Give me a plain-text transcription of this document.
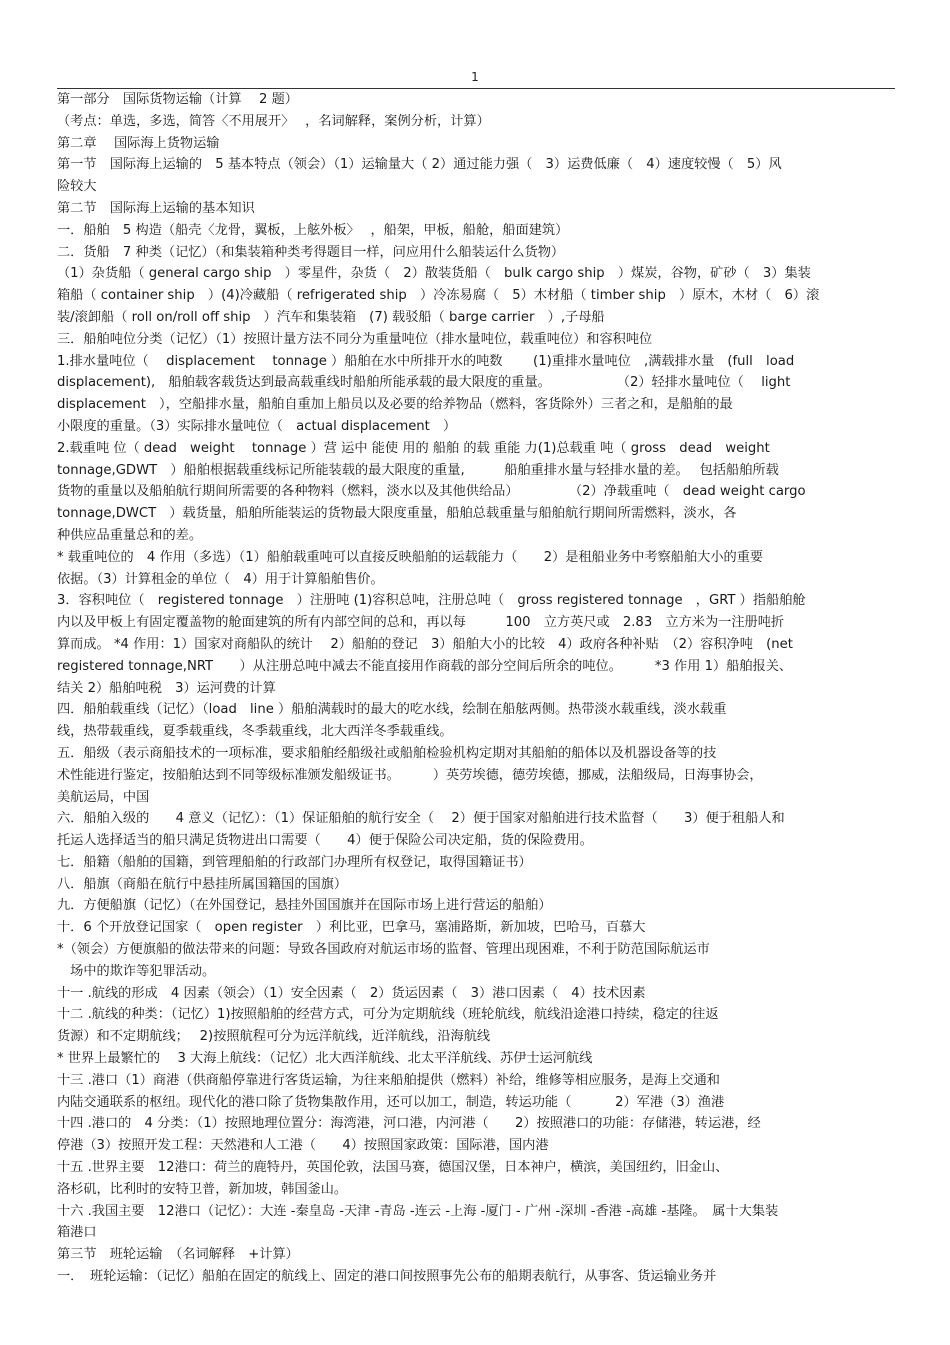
1
第一部分　国际货物运输（计算　 2 题）
（考点：单选，多选，简答〈不用展开〉　 ，名词解释，案例分析，计算）
第二章　 国际海上货物运输
第一节　国际海上运输的　5 基本特点（领会）（1）运输量大（ 2）通过能力强（　3）运费低廉（　4）速度较慢（　5）风
险较大
第二节　国际海上运输的基本知识
一．船舶　5 构造（船壳〈龙骨，翼板，上舷外板〉　 ，船架，甲板，船舱，船面建筑）
二．货船　7 种类（记忆）（和集装箱种类考得题目一样，问应用什么船装运什么货物）
（1）杂货船（ general cargo ship　）零星件，杂货（　2）散装货船（　bulk cargo ship　）煤炭，谷物，矿砂（　3）集装
箱船（ container ship　）(4)冷藏船（ refrigerated ship　）冷冻易腐（　5）木材船（ timber ship　）原木，木材（　6）滚
装/滚卸船（ roll on/roll off ship　）汽车和集装箱　(7) 载驳船（ barge carrier　）,子母船
三．船舶吨位分类（记忆）（1）按照计量方法不同分为重量吨位（排水量吨位，载重吨位）和容积吨位
1.排水量吨位（　 displacement　 tonnage ）船舶在水中所排开水的吨数　　 (1)重排水量吨位　,满载排水量　(full　load
displacement),　船舶载客载货达到最高载重线时船舶所能承载的最大限度的重量。　　　　　　（2）轻排水量吨位（　 light
displacement　），空船排水量，船舶自重加上船员以及必要的给养物品（燃料，客货除外）三者之和，是船舶的最
小限度的重量。（3）实际排水量吨位（　actual displacement　）
2.载重吨 位（ dead　weight　 tonnage ）营 运中 能使 用的 船舶 的载 重能 力(1)总载重 吨（ gross　dead　weight
tonnage,GDWT　）船舶根据载重线标记所能装载的最大限度的重量,　　　船舶重排水量与轻排水量的差。　 包括船舶所载
货物的重量以及船舶航行期间所需要的各种物料（燃料，淡水以及其他供给品）　　　　 （2）净载重吨（　dead weight cargo
tonnage,DWCT　）载货量，船舶所能装运的货物最大限度重量，船舶总载重量与船舶航行期间所需燃料，淡水，各
种供应品重量总和的差。
* 载重吨位的　4 作用（多选）（1）船舶载重吨可以直接反映船舶的运载能力（　　2）是租船业务中考察船舶大小的重要
依据。（3）计算租金的单位（　4）用于计算船舶售价。
3．容积吨位（　registered tonnage　）注册吨 (1)容积总吨，注册总吨（　gross registered tonnage　，GRT ）指船舶舱
内以及甲板上有固定覆盖物的舱面建筑的所有内部空间的总和，再以每　　　100　立方英尺或　2.83　立方米为一注册吨折
算而成。 *4 作用：1）国家对商船队的统计　 2）船舶的登记　3）船舶大小的比较　4）政府各种补贴　（2）容积净吨　(net
registered tonnage,NRT　　）从注册总吨中减去不能直接用作商载的部分空间后所余的吨位。　　　*3 作用 1）船舶报关、
结关 2）船舶吨税　3）运河费的计算
四．船舶载重线（记忆）（load　line ）船舶满载时的最大的吃水线，绘制在船舷两侧。热带淡水载重线，淡水载重
线，热带载重线，夏季载重线，冬季载重线，北大西洋冬季载重线。
五．船级（表示商船技术的一项标准，要求船舶经船级社或船舶检验机构定期对其船舶的船体以及机器设备等的技
术性能进行鉴定，按船舶达到不同等级标准颁发船级证书。　　　）英劳埃德，德劳埃德，挪威，法船级局，日海事协会，
美航运局，中国
六．船舶入级的　　4 意义（记忆）：（1）保证船舶的航行安全（　 2）便于国家对船舶进行技术监督（　　3）便于租船人和
托运人选择适当的船只满足货物进出口需要（　　4）便于保险公司决定船，货的保险费用。
七．船籍（船舶的国籍，到管理船舶的行政部门办理所有权登记，取得国籍证书）
八．船旗（商船在航行中悬挂所属国籍国的国旗）
九．方便船旗（记忆）（在外国登记，悬挂外国国旗并在国际市场上进行营运的船舶）
十．6 个开放登记国家（　open register　）利比亚，巴拿马，塞浦路斯，新加坡，巴哈马，百慕大
*（领会）方便旗船的做法带来的问题：导致各国政府对航运市场的监督、管理出现困难，不利于防范国际航运市
　场中的欺诈等犯罪活动。
十一 .航线的形成　4 因素（领会）（1）安全因素（　2）货运因素（　3）港口因素（　4）技术因素
十二 .航线的种类：（记忆）1)按照船舶的经营方式，可分为定期航线（班轮航线，航线沿途港口持续，稳定的往返
货源）和不定期航线；　 2)按照航程可分为远洋航线，近洋航线，沿海航线
* 世界上最繁忙的　 3 大海上航线：（记忆）北大西洋航线、北太平洋航线、苏伊士运河航线
十三 .港口（1）商港（供商船停靠进行客货运输，为往来船舶提供（燃料）补给，维修等相应服务，是海上交通和
内陆交通联系的枢纽。现代化的港口除了货物集散作用，还可以加工，制造，转运功能（　　　 2）军港（3）渔港
十四 .港口的　4 分类：（1）按照地理位置分：海湾港，河口港，内河港（　　2）按照港口的功能：存储港，转运港，经
停港（3）按照开发工程：天然港和人工港（　　4）按照国家政策：国际港，国内港
十五 .世界主要　12港口：荷兰的鹿特丹，英国伦敦，法国马赛，德国汉堡，日本神户，横滨，美国纽约，旧金山、
洛杉矶，比利时的安特卫普，新加坡，韩国釜山。
十六 .我国主要　12港口（记忆）：大连 -秦皇岛 -天津 -青岛 -连云 -上海 -厦门 - 广州 -深圳 -香港 -高雄 -基隆。　属十大集装
箱港口
第三节　班轮运输　（名词解释　+计算）
一．　班轮运输：（记忆）船舶在固定的航线上、固定的港口间按照事先公布的船期表航行，从事客、货运输业务并
